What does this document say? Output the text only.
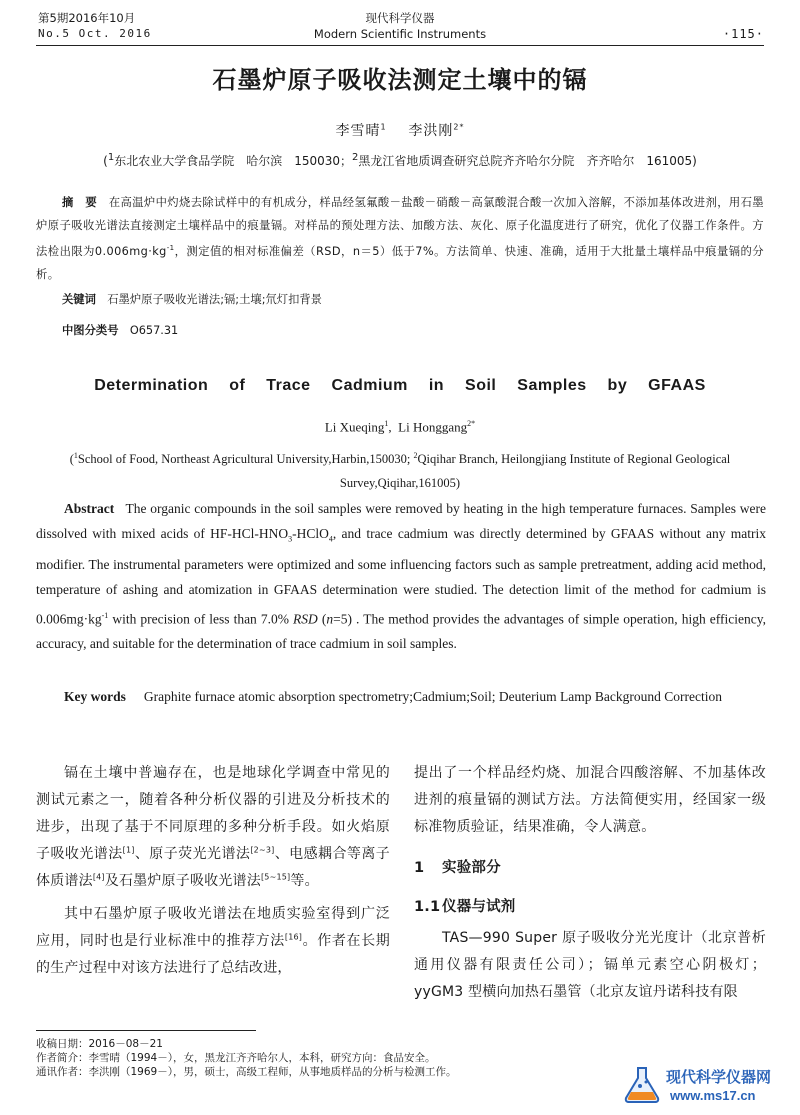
第5期2016年10月
No.5 Oct. 2016
现代科学仪器
Modern Scientific Instruments	·115·
石墨炉原子吸收法测定土壤中的镉
李雪晴$^1$ 李洪刚$^{2*}$
($^1$东北农业大学食品学院　哈尔滨　150030；$^2$黑龙江省地质调查研究总院齐齐哈尔分院　齐齐哈尔　161005)
摘　要　 在高温炉中灼烧去除试样中的有机成分，样品经氢氟酸－盐酸－硝酸－高氯酸混合酸一次加入溶解，不添加基体改进剂，用石墨炉原子吸收光谱法直接测定土壤样品中的痕量镉。对样品的预处理方法、加酸方法、灰化、原子化温度进行了研究，优化了仪器工作条件。方法检出限为$0.006mg\cdot kg^{-1}$，测定值的相对标准偏差（RSD，n＝5）低于7%。方法简单、快速、准确，适用于大批量土壤样品中痕量镉的分析。
关键词　 石墨炉原子吸收光谱法;镉;土壤;氘灯扣背景
中图分类号　 O657.31
Determination of Trace Cadmium in Soil Samples by GFAAS
Li Xueqing$^1$,  Li Honggang$^{2*}$
($^1$School of Food, Northeast Agricultural University,Harbin,150030; $^2$Qiqihar Branch, Heilongjiang Institute of Regional Geological Survey,Qiqihar,161005)
Abstract The organic compounds in the soil samples were removed by heating in the high temperature furnaces. Samples were dissolved with mixed acids of $HF-HCl-HNO_3-HClO_4$, and trace cadmium was directly determined by GFAAS without any matrix modifier. The instrumental parameters were optimized and some influencing factors such as sample pretreatment, adding acid method, temperature of ashing and atomization in GFAAS determination were studied. The detection limit of the method for cadmium is $0.006mg\cdot kg^{-1}$ with precision of less than 7.0% RSD (n=5) . The method provides the advantages of simple operation, high efficiency, accuracy, and suitable for the determination of trace cadmium in soil samples.
Key words Graphite furnace atomic absorption spectrometry;Cadmium;Soil; Deuterium Lamp Background Correction

镉在土壤中普遍存在，也是地球化学调查中常见的测试元素之一，随着各种分析仪器的引进及分析技术的进步，出现了基于不同原理的多种分析手段。如火焰原子吸收光谱法[1]、原子荧光光谱法[2~3]、电感耦合等离子体质谱法[4]及石墨炉原子吸收光谱法[5~15]等。

其中石墨炉原子吸收光谱法在地质实验室得到广泛应用，同时也是行业标准中的推荐方法[16]。作者在长期的生产过程中对该方法进行了总结改进，

提出了一个样品经灼烧、加混合四酸溶解、不加基体改进剂的痕量镉的测试方法。方法简便实用，经国家一级标准物质验证，结果准确，令人满意。

1 实验部分

1.1 仪器与试剂

TAS—990 Super 原子吸收分光光度计（北京普析通用仪器有限责任公司）；镉单元素空心阴极灯；yyGM3 型横向加热石墨管（北京友谊丹诺科技有限

收稿日期：2016－08－21
作者简介：李雪晴（1994－），女，黑龙江齐齐哈尔人，本科，研究方向：食品安全。
通讯作者：李洪刚（1969－），男，硕士，高级工程师，从事地质样品的分析与检测工作。	现代科学仪器网
www.ms17.cn
